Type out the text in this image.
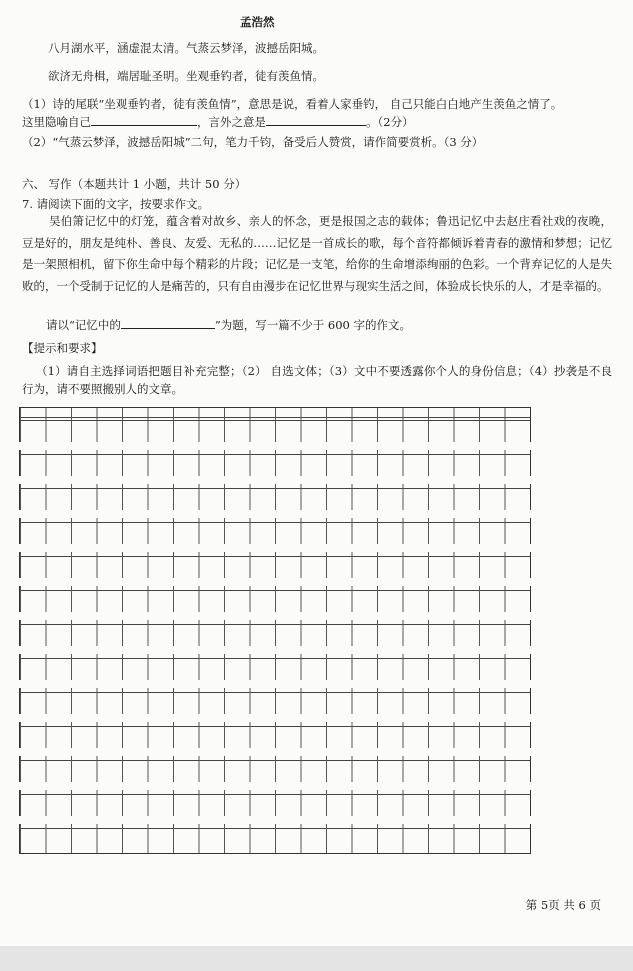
孟浩然
八月湖水平，涵虚混太清。气蒸云梦泽，波撼岳阳城。
欲济无舟楫，端居耻圣明。坐观垂钓者，徒有羡鱼情。
（1）诗的尾联“坐观垂钓者，徒有羡鱼情”，意思是说，看着人家垂钓， 自己只能白白地产生羡鱼之情了。
这里隐喻自己	，言外之意是	。（2分）
（2）“气蒸云梦泽，波撼岳阳城”二句，笔力千钧，备受后人赞赏，请作简要赏析。（3 分）
六、 写作（本题共计 1 小题，共计 50 分）
7. 请阅读下面的文字，按要求作文。
吴伯箫记忆中的灯笼，蕴含着对故乡、亲人的怀念，更是报国之志的载体；鲁迅记忆中去赵庄看社戏的夜晚，豆是好的，朋友是纯朴、善良、友爱、无私的……记忆是一首成长的歌，每个音符都倾诉着青春的激情和梦想；记忆是一架照相机，留下你生命中每个精彩的片段；记忆是一支笔，给你的生命增添绚丽的色彩。一个背弃记忆的人是失败的，一个受制于记忆的人是痛苦的，只有自由漫步在记忆世界与现实生活之间，体验成长快乐的人，才是幸福的。
请以“记忆中的	”为题，写一篇不少于 600 字的作文。
【提示和要求】
（1）请自主选择词语把题目补充完整；（2） 自选文体；（3）文中不要透露你个人的身份信息；（4）抄袭是不良行为，请不要照搬别人的文章。
第 5页 共 6 页
